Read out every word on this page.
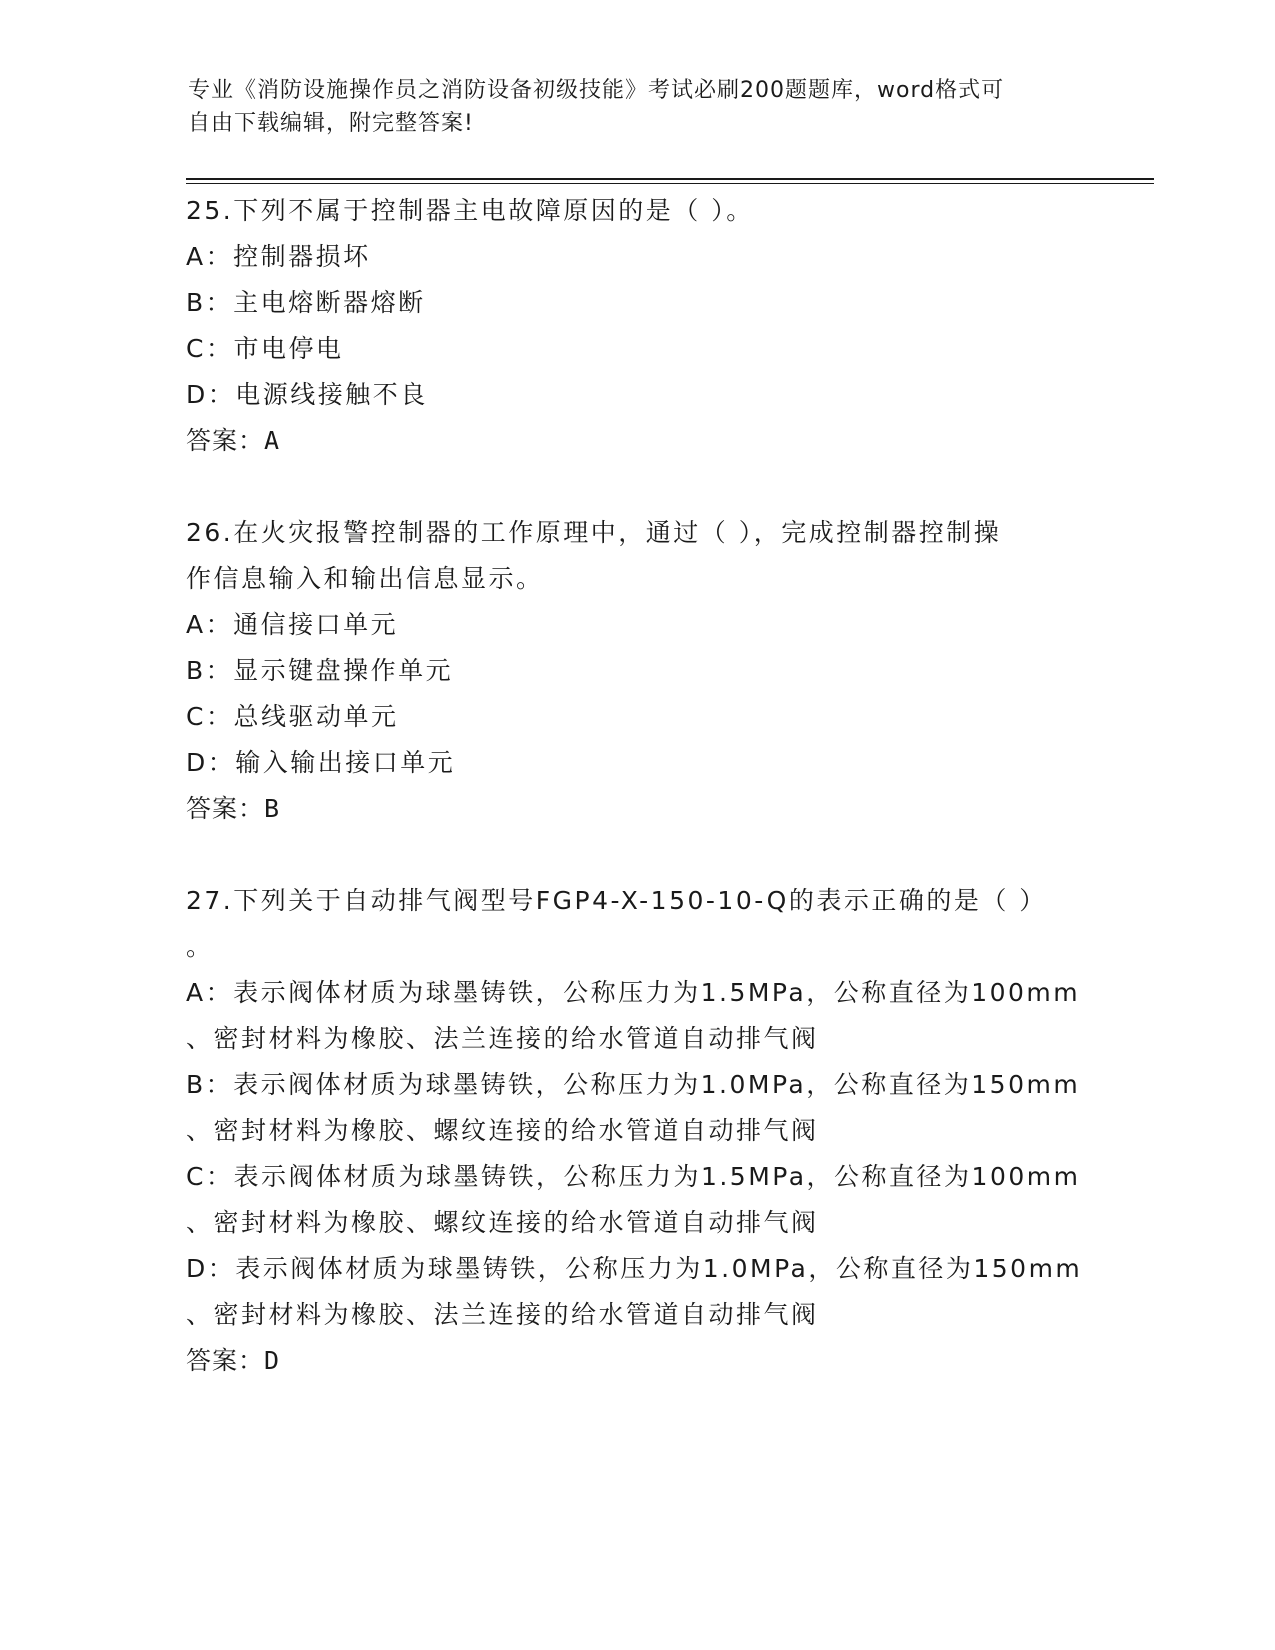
专业《消防设施操作员之消防设备初级技能》考试必刷200题题库，word格式可
自由下载编辑，附完整答案!
25.下列不属于控制器主电故障原因的是（ ）。
A：控制器损坏
B：主电熔断器熔断
C：市电停电
D：电源线接触不良
答案：A
26.在火灾报警控制器的工作原理中，通过（ ），完成控制器控制操
作信息输入和输出信息显示。
A：通信接口单元
B：显示键盘操作单元
C：总线驱动单元
D：输入输出接口单元
答案：B
27.下列关于自动排气阀型号FGP4-X-150-10-Q的表示正确的是（ ）
。
A：表示阀体材质为球墨铸铁，公称压力为1.5MPa，公称直径为100mm
、密封材料为橡胶、法兰连接的给水管道自动排气阀
B：表示阀体材质为球墨铸铁，公称压力为1.0MPa，公称直径为150mm
、密封材料为橡胶、螺纹连接的给水管道自动排气阀
C：表示阀体材质为球墨铸铁，公称压力为1.5MPa，公称直径为100mm
、密封材料为橡胶、螺纹连接的给水管道自动排气阀
D：表示阀体材质为球墨铸铁，公称压力为1.0MPa，公称直径为150mm
、密封材料为橡胶、法兰连接的给水管道自动排气阀
答案：D
